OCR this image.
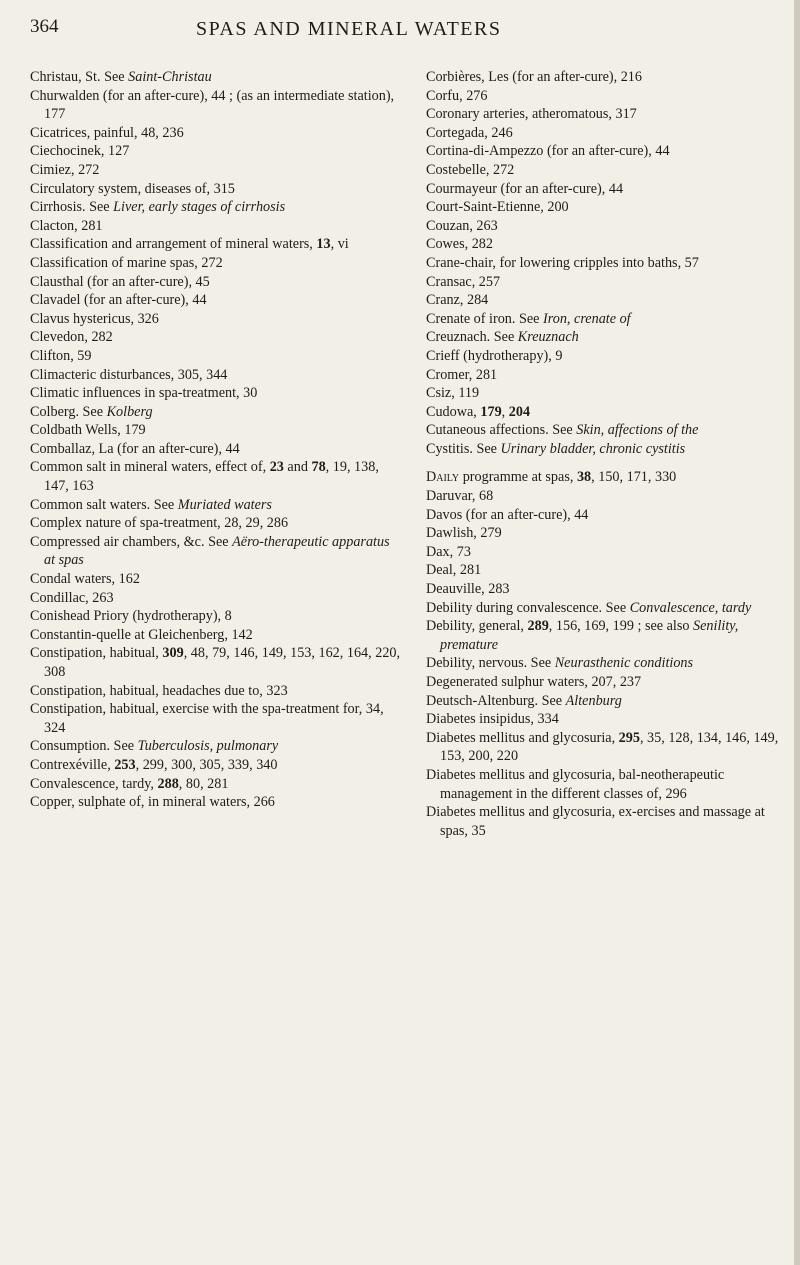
364	SPAS AND MINERAL WATERS

Christau, St. See Saint-Christau

Churwalden (for an after-cure), 44 ; (as an intermediate station), 177

Cicatrices, painful, 48, 236

Ciechocinek, 127

Cimiez, 272

Circulatory system, diseases of, 315

Cirrhosis. See Liver, early stages of cirrhosis

Clacton, 281

Classification and arrangement of mineral waters, 13, vi

Classification of marine spas, 272

Clausthal (for an after-cure), 45

Clavadel (for an after-cure), 44

Clavus hystericus, 326

Clevedon, 282

Clifton, 59

Climacteric disturbances, 305, 344

Climatic influences in spa-treatment, 30

Colberg. See Kolberg

Coldbath Wells, 179

Comballaz, La (for an after-cure), 44

Common salt in mineral waters, effect of, 23 and 78, 19, 138, 147, 163

Common salt waters. See Muriated waters

Complex nature of spa-treatment, 28, 29, 286

Compressed air chambers, &c. See Aëro-therapeutic apparatus at spas

Condal waters, 162

Condillac, 263

Conishead Priory (hydrotherapy), 8

Constantin-quelle at Gleichenberg, 142

Constipation, habitual, 309, 48, 79, 146, 149, 153, 162, 164, 220, 308

Constipation, habitual, headaches due to, 323

Constipation, habitual, exercise with the spa-treatment for, 34, 324

Consumption. See Tuberculosis, pulmonary

Contrexéville, 253, 299, 300, 305, 339, 340

Convalescence, tardy, 288, 80, 281

Copper, sulphate of, in mineral waters, 266

Corbières, Les (for an after-cure), 216

Corfu, 276

Coronary arteries, atheromatous, 317

Cortegada, 246

Cortina-di-Ampezzo (for an after-cure), 44

Costebelle, 272

Courmayeur (for an after-cure), 44

Court-Saint-Etienne, 200

Couzan, 263

Cowes, 282

Crane-chair, for lowering cripples into baths, 57

Cransac, 257

Cranz, 284

Crenate of iron. See Iron, crenate of

Creuznach. See Kreuznach

Crieff (hydrotherapy), 9

Cromer, 281

Csiz, 119

Cudowa, 179, 204

Cutaneous affections. See Skin, affections of the

Cystitis. See Urinary bladder, chronic cystitis

Daily programme at spas, 38, 150, 171, 330

Daruvar, 68

Davos (for an after-cure), 44

Dawlish, 279

Dax, 73

Deal, 281

Deauville, 283

Debility during convalescence. See Convalescence, tardy

Debility, general, 289, 156, 169, 199 ; see also Senility, premature

Debility, nervous. See Neurasthenic conditions

Degenerated sulphur waters, 207, 237

Deutsch-Altenburg. See Altenburg

Diabetes insipidus, 334

Diabetes mellitus and glycosuria, 295, 35, 128, 134, 146, 149, 153, 200, 220

Diabetes mellitus and glycosuria, bal-neotherapeutic management in the different classes of, 296

Diabetes mellitus and glycosuria, ex-ercises and massage at spas, 35
